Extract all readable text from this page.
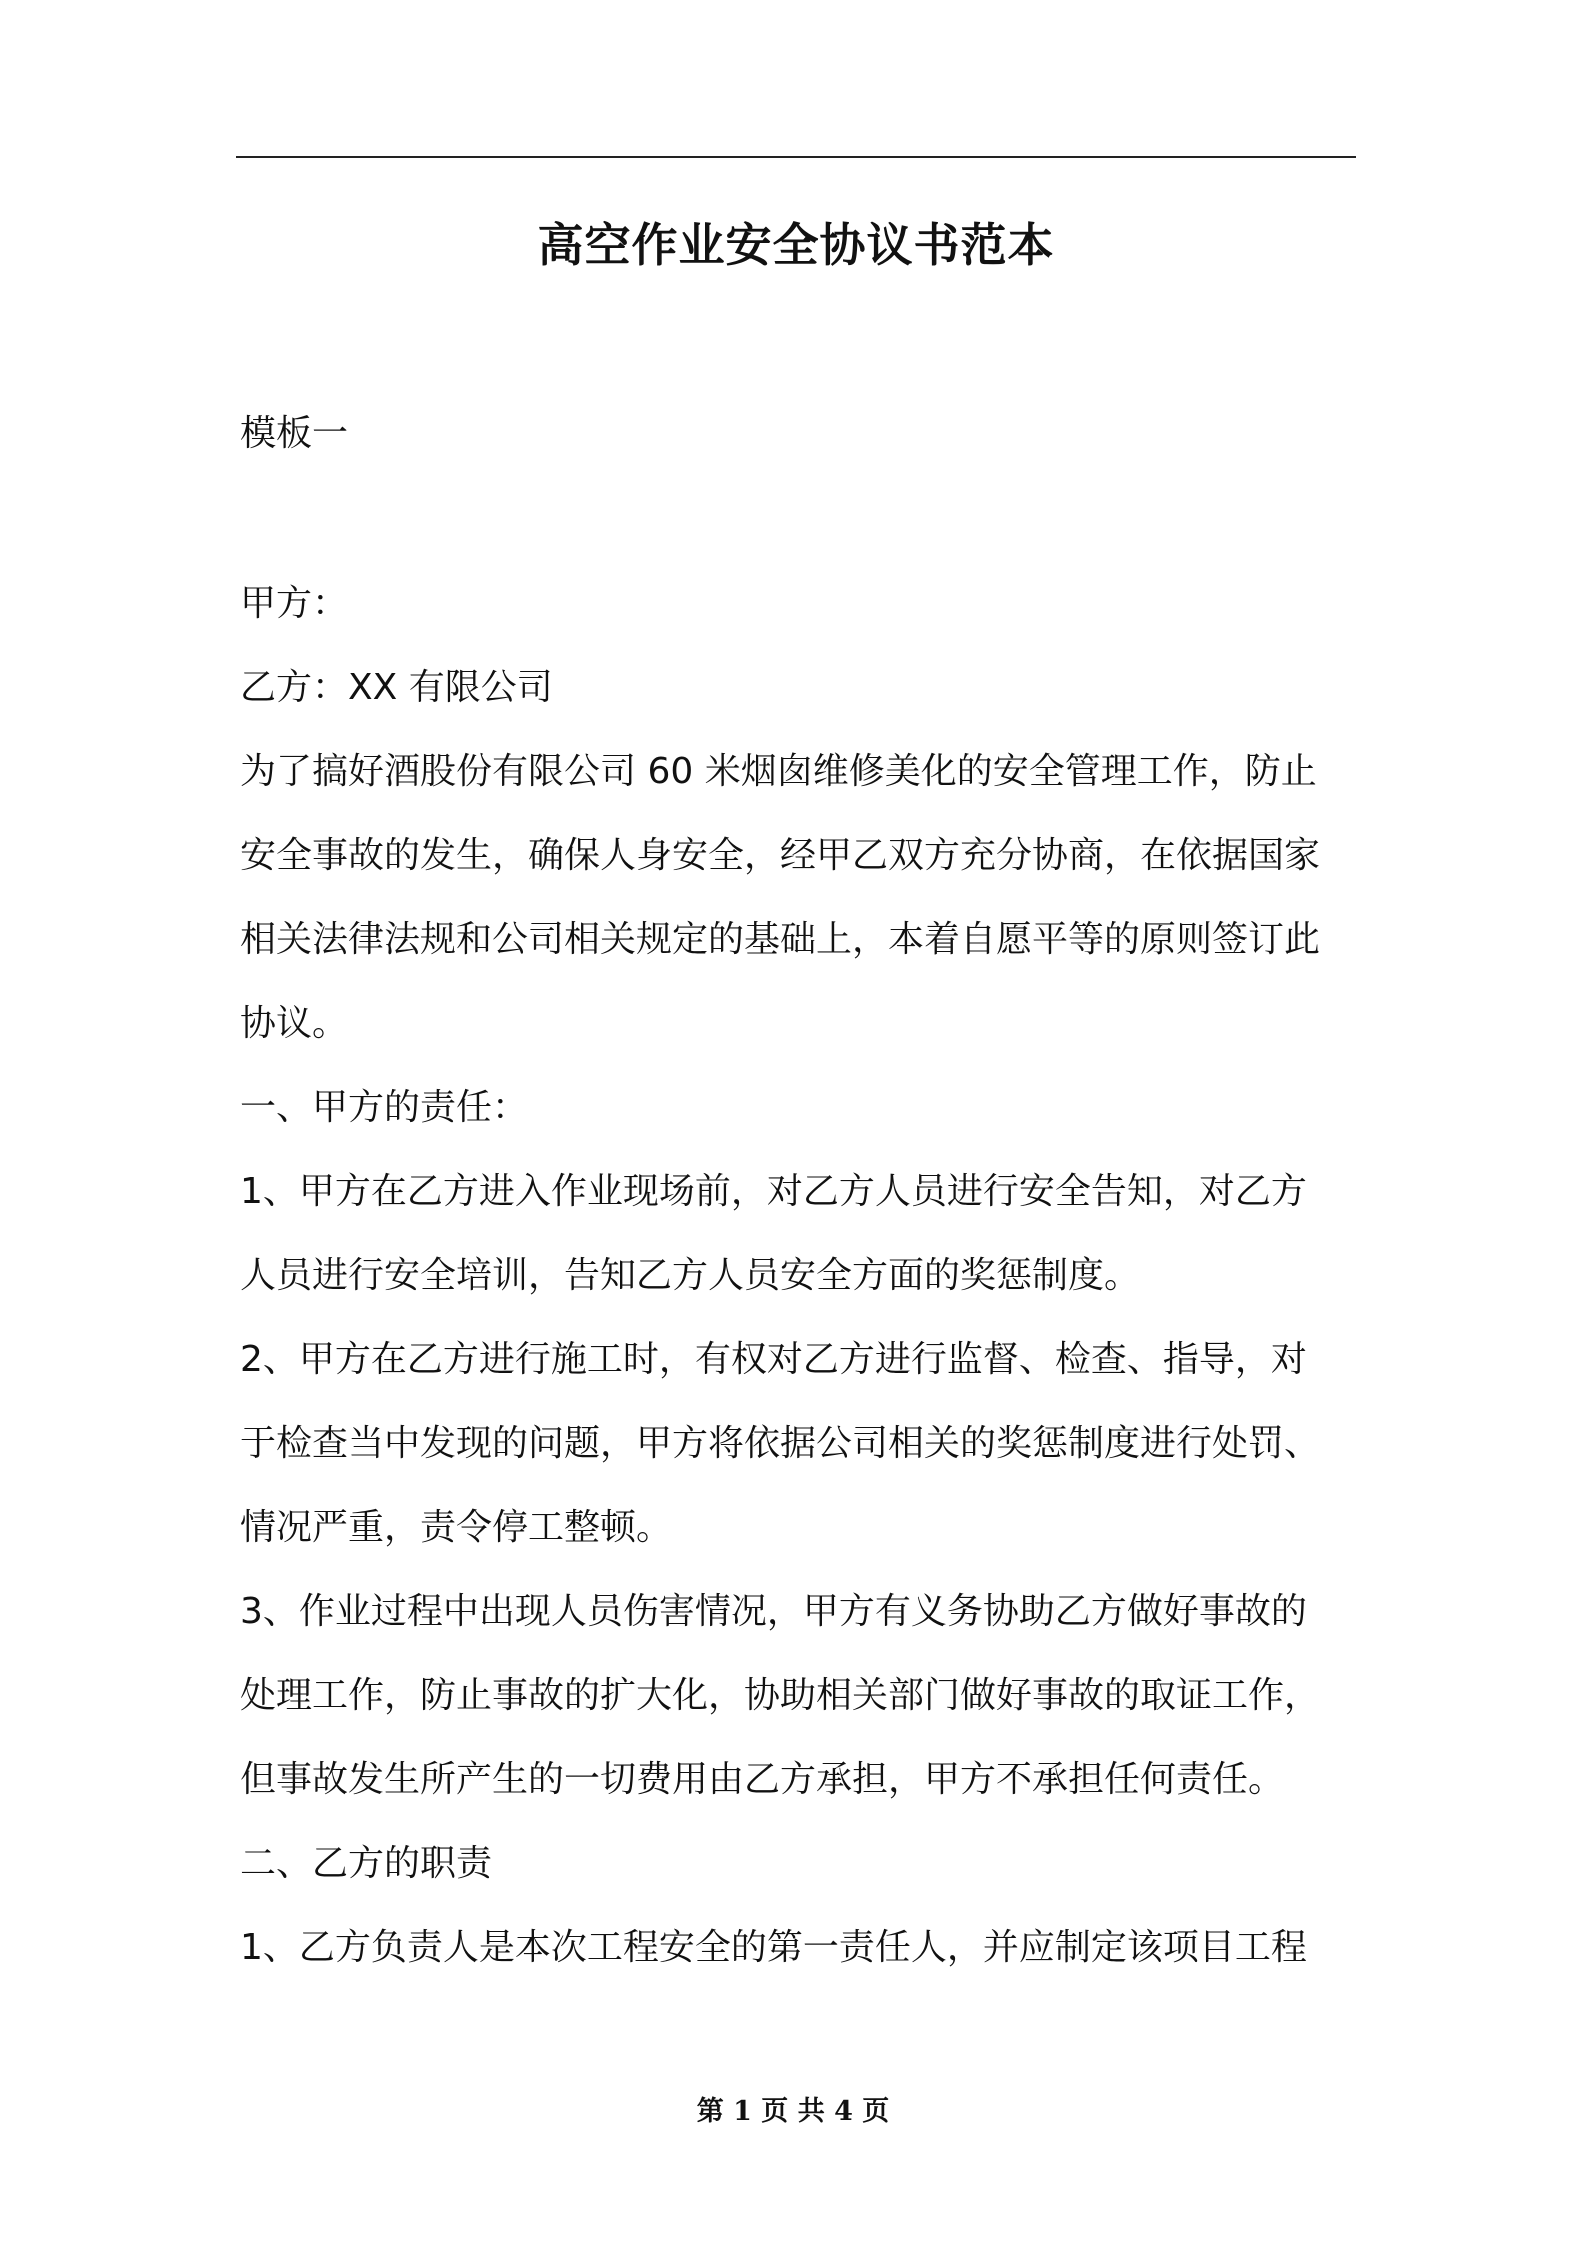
高空作业安全协议书范本
模板一
甲方：
乙方：XX 有限公司
为了搞好酒股份有限公司 60 米烟囱维修美化的安全管理工作，防止
安全事故的发生，确保人身安全，经甲乙双方充分协商，在依据国家
相关法律法规和公司相关规定的基础上，本着自愿平等的原则签订此
协议。
一、甲方的责任：
1、甲方在乙方进入作业现场前，对乙方人员进行安全告知，对乙方
人员进行安全培训，告知乙方人员安全方面的奖惩制度。
2、甲方在乙方进行施工时，有权对乙方进行监督、检查、指导，对
于检查当中发现的问题，甲方将依据公司相关的奖惩制度进行处罚、
情况严重，责令停工整顿。
3、作业过程中出现人员伤害情况，甲方有义务协助乙方做好事故的
处理工作，防止事故的扩大化，协助相关部门做好事故的取证工作，
但事故发生所产生的一切费用由乙方承担，甲方不承担任何责任。
二、乙方的职责
1、乙方负责人是本次工程安全的第一责任人，并应制定该项目工程
第 1 页 共 4 页
